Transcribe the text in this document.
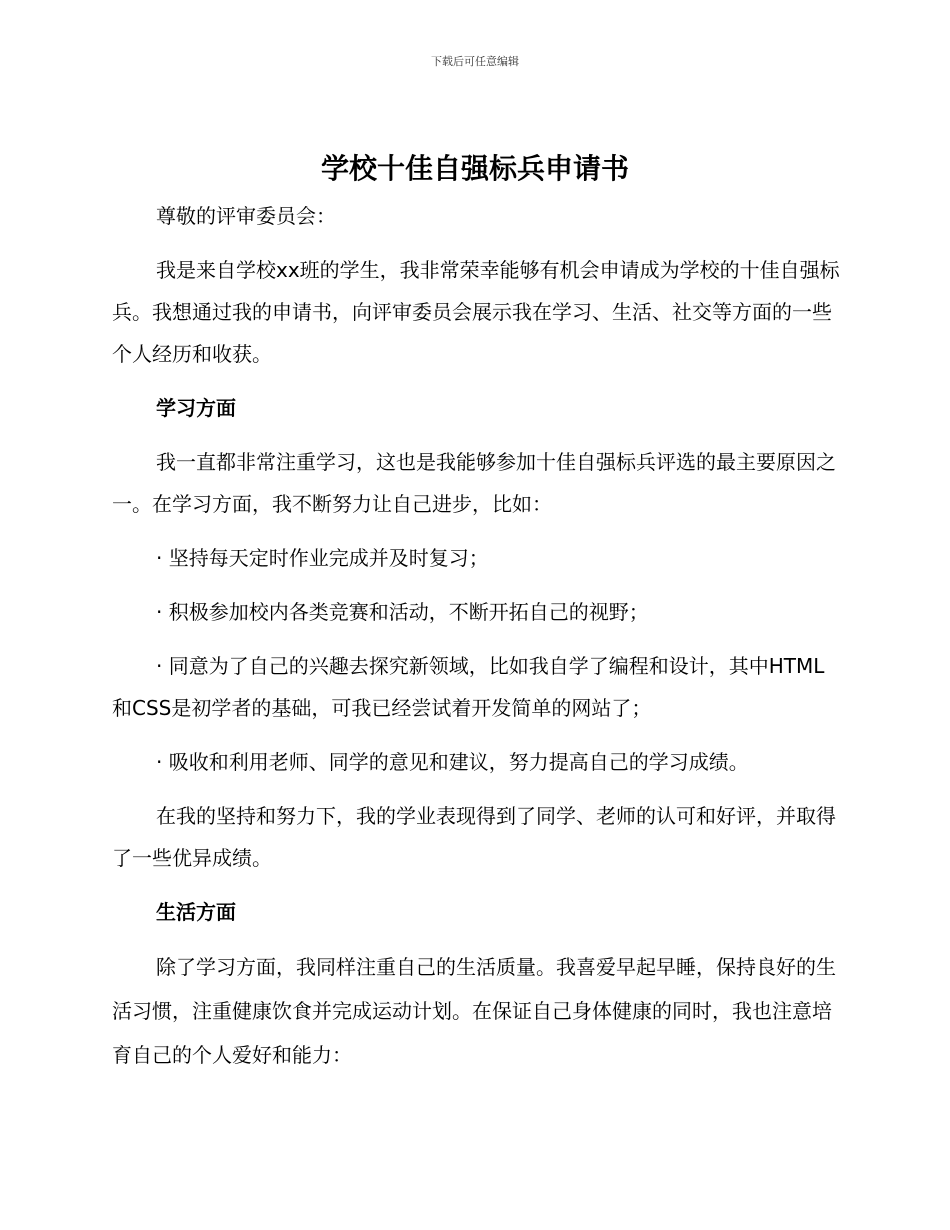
下载后可任意编辑
学校十佳自强标兵申请书

尊敬的评审委员会：

我是来自学校xx班的学生，我非常荣幸能够有机会申请成为学校的十佳自强标兵。我想通过我的申请书，向评审委员会展示我在学习、生活、社交等方面的一些个人经历和收获。

学习方面

我一直都非常注重学习，这也是我能够参加十佳自强标兵评选的最主要原因之一。在学习方面，我不断努力让自己进步，比如：

· 坚持每天定时作业完成并及时复习；

· 积极参加校内各类竞赛和活动，不断开拓自己的视野；

· 同意为了自己的兴趣去探究新领域，比如我自学了编程和设计，其中HTML和CSS是初学者的基础，可我已经尝试着开发简单的网站了；

· 吸收和利用老师、同学的意见和建议，努力提高自己的学习成绩。

在我的坚持和努力下，我的学业表现得到了同学、老师的认可和好评，并取得了一些优异成绩。

生活方面

除了学习方面，我同样注重自己的生活质量。我喜爱早起早睡，保持良好的生活习惯，注重健康饮食并完成运动计划。在保证自己身体健康的同时，我也注意培育自己的个人爱好和能力：
